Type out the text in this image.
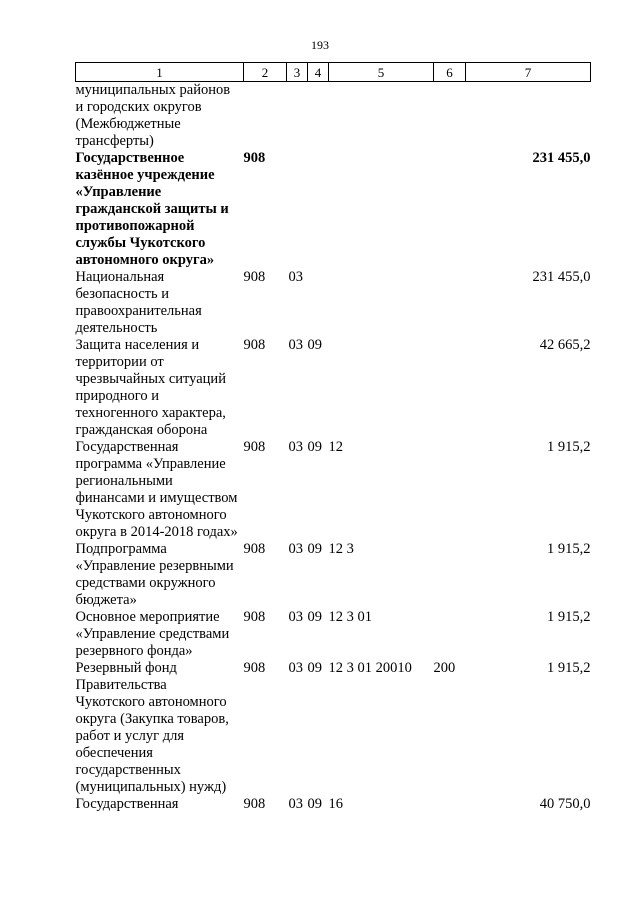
193
1	2	3	4	5	6	7
муниципальных районов и городских округов (Межбюджетные трансферты)						
Государственное казённое учреждение «Управление гражданской защиты и противопожарной службы Чукотского автономного округа»	908					231 455,0
Национальная безопасность и правоохранительная деятельность	908	03				231 455,0
Защита населения и территории от чрезвычайных ситуаций природного и техногенного характера, гражданская оборона	908	03	09			42 665,2
Государственная программа «Управление региональными финансами и имуществом Чукотского автономного округа в 2014-2018 годах»	908	03	09	12		1 915,2
Подпрограмма «Управление резервными средствами окружного бюджета»	908	03	09	12 3		1 915,2
Основное мероприятие «Управление средствами резервного фонда»	908	03	09	12 3 01		1 915,2
Резервный фонд Правительства Чукотского автономного округа (Закупка товаров, работ и услуг для обеспечения государственных (муниципальных) нужд)	908	03	09	12 3 01 20010	200	1 915,2
Государственная	908	03	09	16		40 750,0
